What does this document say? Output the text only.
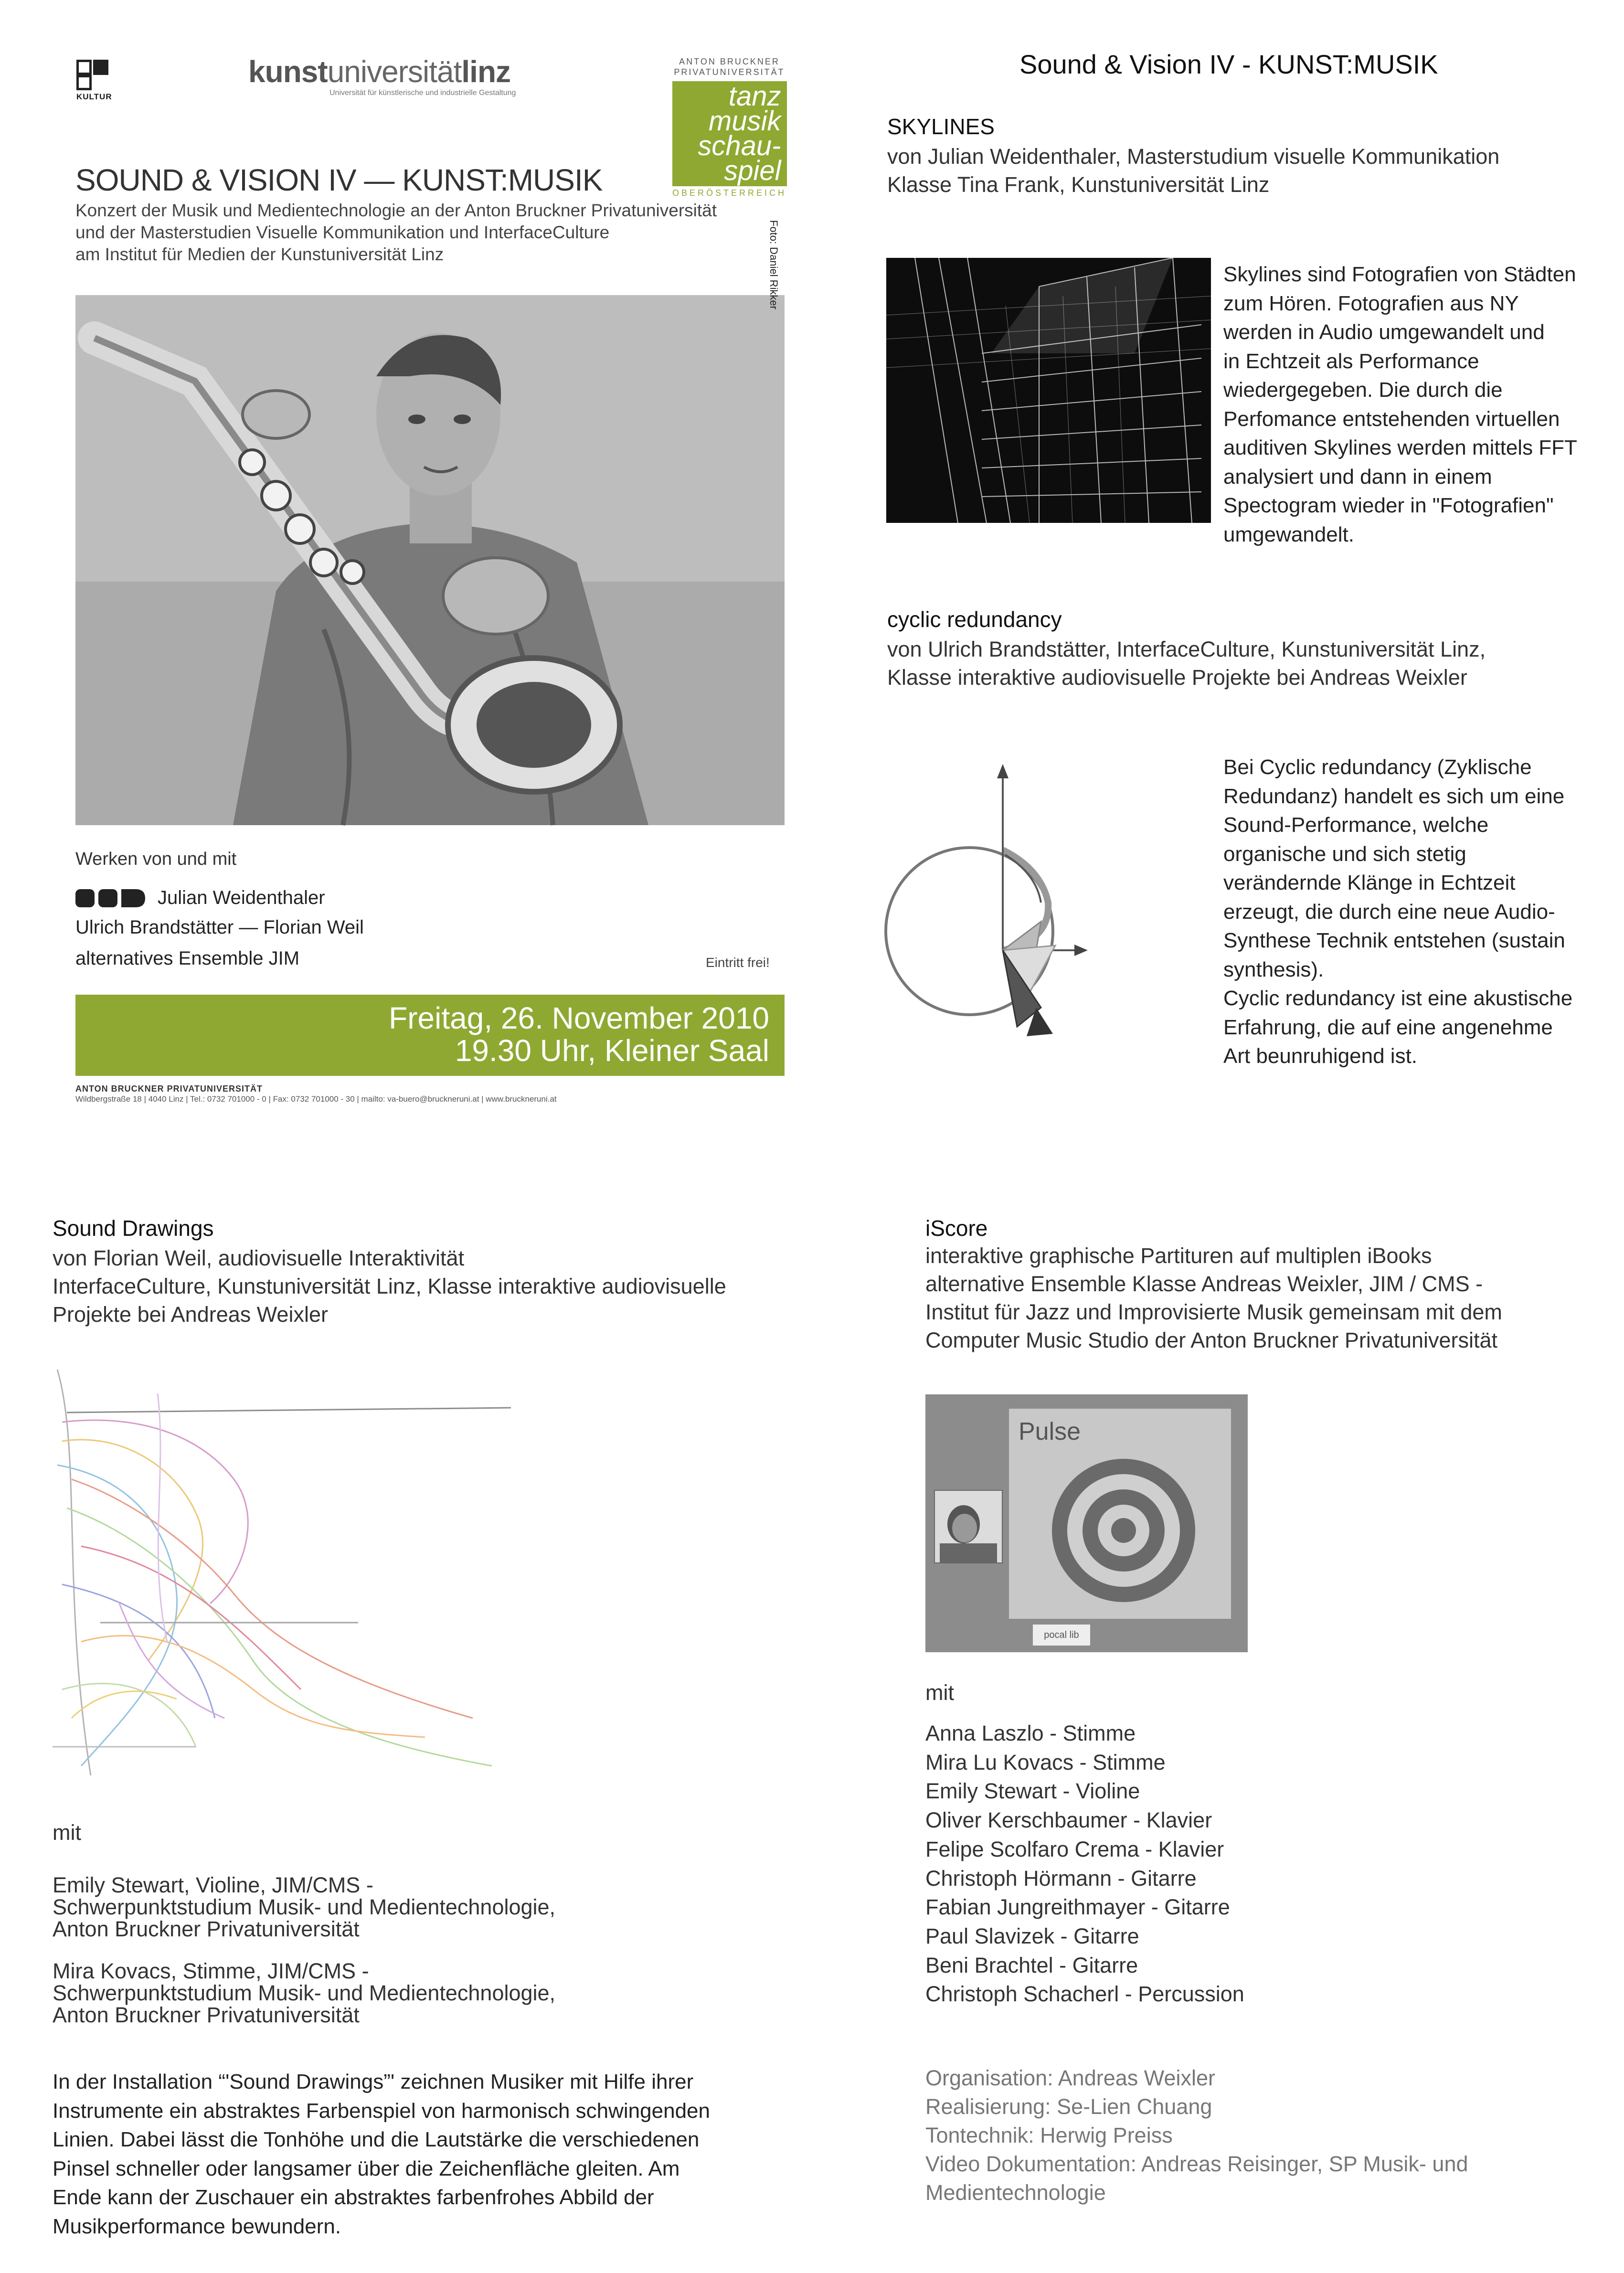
KULTUR
kunstuniversitätlinz
Universität für künstlerische und industrielle Gestaltung
ANTON BRUCKNER
PRIVATUNIVERSITÄT
tanz
musik
schau-
spiel
OBERÖSTERREICH
SOUND & VISION IV — KUNST:MUSIK
Konzert der Musik und Medientechnologie an der Anton Bruckner Privatuniversität
und der Masterstudien Visuelle Kommunikation und InterfaceCulture
am Institut für Medien der Kunstuniversität Linz	Foto: Daniel Rikker
Werken von und mit
Julian Weidenthaler
Ulrich Brandstätter — Florian Weil
alternatives Ensemble JIM	Eintritt frei!
Freitag, 26. November 2010
19.30 Uhr, Kleiner Saal
ANTON BRUCKNER PRIVATUNIVERSITÄT
Wildbergstraße 18 | 4040 Linz | Tel.: 0732 701000 - 0 | Fax: 0732 701000 - 30 | mailto: va-buero@bruckneruni.at | www.bruckneruni.at
Sound & Vision IV - KUNST:MUSIK
SKYLINES
von Julian Weidenthaler, Masterstudium visuelle Kommunikation
Klasse Tina Frank, Kunstuniversität Linz
Skylines sind Fotografien von Städten
zum Hören. Fotografien aus NY
werden in Audio umgewandelt und
in Echtzeit als Performance
wiedergegeben. Die durch die
Perfomance entstehenden virtuellen
auditiven Skylines werden mittels FFT
analysiert und dann in einem
Spectogram wieder in "Fotografien"
umgewandelt.
cyclic redundancy
von Ulrich Brandstätter, InterfaceCulture, Kunstuniversität Linz,
Klasse interaktive audiovisuelle Projekte bei Andreas Weixler
Bei Cyclic redundancy (Zyklische
Redundanz) handelt es sich um eine
Sound-Performance, welche
organische und sich stetig
verändernde Klänge in Echtzeit
erzeugt, die durch eine neue Audio-
Synthese Technik entstehen (sustain
synthesis).
Cyclic redundancy ist eine akustische
Erfahrung, die auf eine angenehme
Art beunruhigend ist.
Sound Drawings
von Florian Weil, audiovisuelle Interaktivität
InterfaceCulture, Kunstuniversität Linz, Klasse interaktive audiovisuelle
Projekte bei Andreas Weixler
mit
Emily Stewart, Violine, JIM/CMS -
Schwerpunktstudium Musik- und Medientechnologie,
Anton Bruckner Privatuniversität
Mira Kovacs, Stimme, JIM/CMS -
Schwerpunktstudium Musik- und Medientechnologie,
Anton Bruckner Privatuniversität
In der Installation “'Sound Drawings”' zeichnen Musiker mit Hilfe ihrer
Instrumente ein abstraktes Farbenspiel von harmonisch schwingenden
Linien. Dabei lässt die Tonhöhe und die Lautstärke die verschiedenen
Pinsel schneller oder langsamer über die Zeichenfläche gleiten. Am
Ende kann der Zuschauer ein abstraktes farbenfrohes Abbild der
Musikperformance bewundern.
iScore
interaktive graphische Partituren auf multiplen iBooks
alternative Ensemble Klasse Andreas Weixler, JIM / CMS -
Institut für Jazz und Improvisierte Musik gemeinsam mit dem
Computer Music Studio der Anton Bruckner Privatuniversität
Pulse
pocal lib
mit
Anna Laszlo - Stimme
Mira Lu Kovacs - Stimme
Emily Stewart - Violine
Oliver Kerschbaumer - Klavier
Felipe Scolfaro Crema - Klavier
Christoph Hörmann - Gitarre
Fabian Jungreithmayer - Gitarre
Paul Slavizek - Gitarre
Beni Brachtel - Gitarre
Christoph Schacherl - Percussion
Organisation: Andreas Weixler
Realisierung: Se-Lien Chuang
Tontechnik: Herwig Preiss
Video Dokumentation: Andreas Reisinger, SP Musik- und
Medientechnologie
